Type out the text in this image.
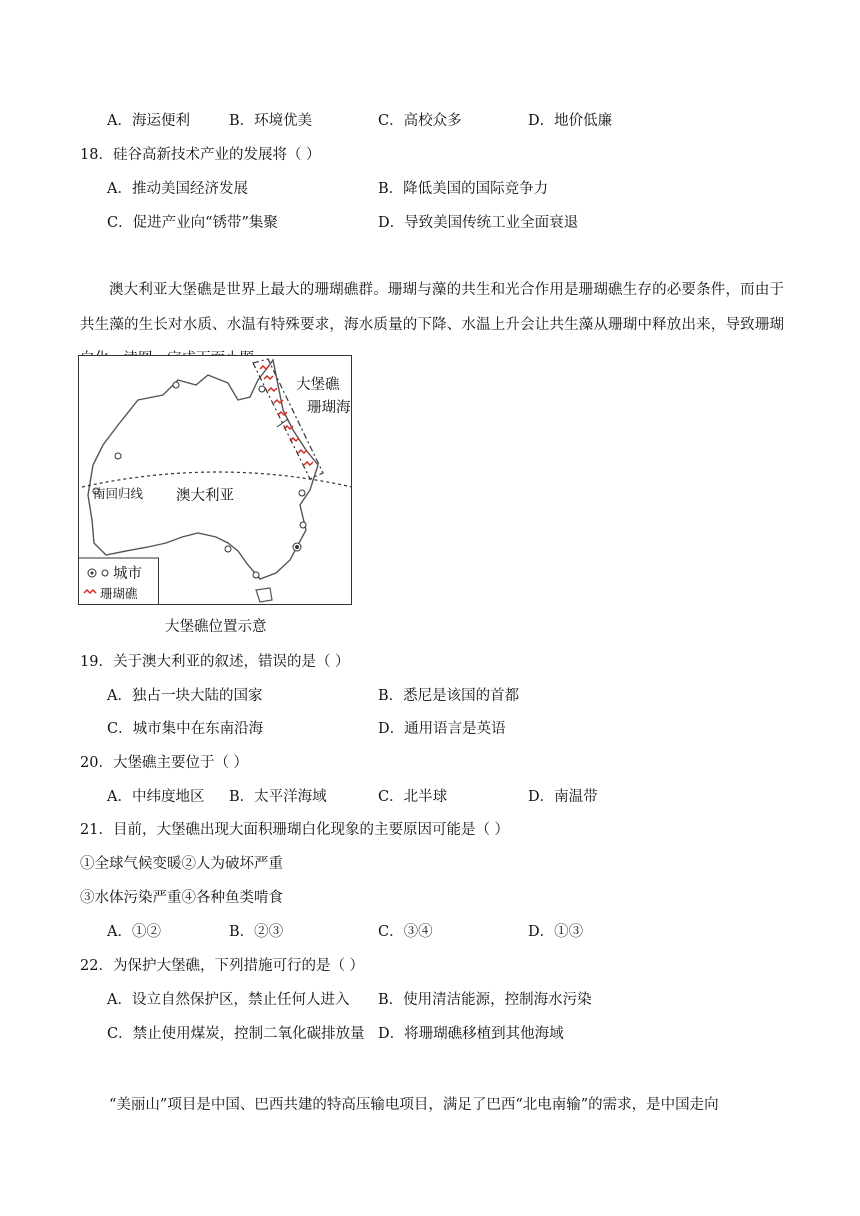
A．海运便利	B．环境优美	C．高校众多	D．地价低廉
18．硅谷高新技术产业的发展将（ ）
A．推动美国经济发展	B．降低美国的国际竞争力
C．促进产业向“锈带”集聚	D．导致美国传统工业全面衰退
澳大利亚大堡礁是世界上最大的珊瑚礁群。珊瑚与藻的共生和光合作用是珊瑚礁生存的必要条件，而由于共生藻的生长对水质、水温有特殊要求，海水质量的下降、水温上升会让共生藻从珊瑚中释放出来，导致珊瑚
大堡礁
珊瑚海
南回归线 澳大利亚
城市
珊瑚礁
大堡礁位置示意
19．关于澳大利亚的叙述，错误的是（ ）
A．独占一块大陆的国家	B．悉尼是该国的首都
C．城市集中在东南沿海	D．通用语言是英语
20．大堡礁主要位于（ ）
A．中纬度地区 B．太平洋海域	C．北半球	D．南温带
21．目前，大堡礁出现大面积珊瑚白化现象的主要原因可能是（ ）
①全球气候变暖②人为破坏严重
③水体污染严重④各种鱼类啃食
A．①②	B．②③	C．③④	D．①③
22．为保护大堡礁，下列措施可行的是（ ）
A．设立自然保护区，禁止任何人进入 B．使用清洁能源，控制海水污染
C．禁止使用煤炭，控制二氧化碳排放量 D．将珊瑚礁移植到其他海域
“美丽山”项目是中国、巴西共建的特高压输电项目，满足了巴西“北电南输”的需求，是中国走向
